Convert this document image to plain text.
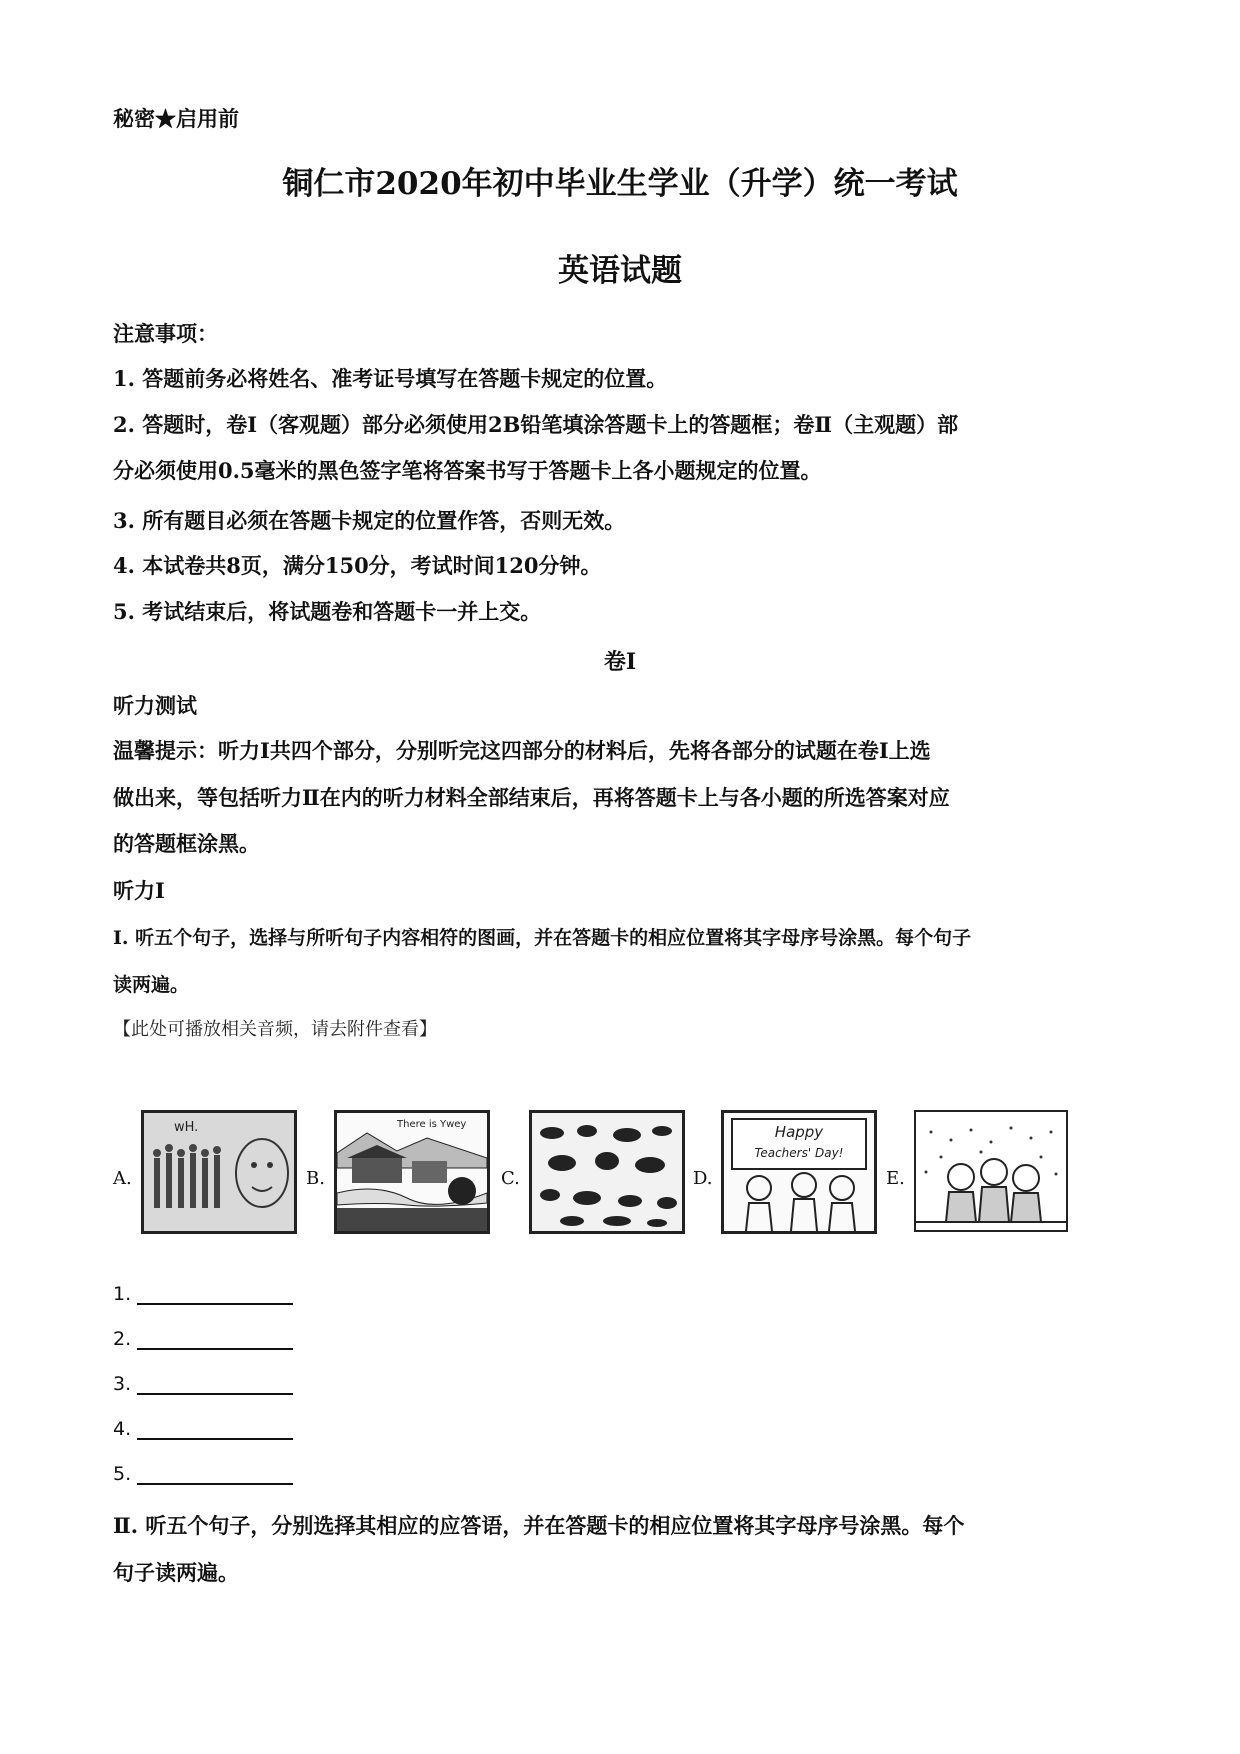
秘密★启用前
铜仁市2020年初中毕业生学业（升学）统一考试
英语试题
注意事项：
1. 答题前务必将姓名、准考证号填写在答题卡规定的位置。
2. 答题时，卷Ⅰ（客观题）部分必须使用2B铅笔填涂答题卡上的答题框；卷Ⅱ（主观题）部
分必须使用0.5毫米的黑色签字笔将答案书写于答题卡上各小题规定的位置。
3. 所有题目必须在答题卡规定的位置作答，否则无效。
4. 本试卷共8页，满分150分，考试时间120分钟。
5. 考试结束后，将试题卷和答题卡一并上交。
卷Ⅰ
听力测试
温馨提示：听力Ⅰ共四个部分，分别听完这四部分的材料后，先将各部分的试题在卷Ⅰ上选
做出来，等包括听力Ⅱ在内的听力材料全部结束后，再将答题卡上与各小题的所选答案对应
的答题框涂黑。
听力Ⅰ
Ⅰ. 听五个句子，选择与所听句子内容相符的图画，并在答题卡的相应位置将其字母序号涂黑。每个句子
读两遍。
【此处可播放相关音频，请去附件查看】
A.
wH.
B.
There is Ywey
C.	D.
Happy
Teachers' Day!
E.
1.
2.
3.
4.
5.
Ⅱ. 听五个句子，分别选择其相应的应答语，并在答题卡的相应位置将其字母序号涂黑。每个
句子读两遍。
